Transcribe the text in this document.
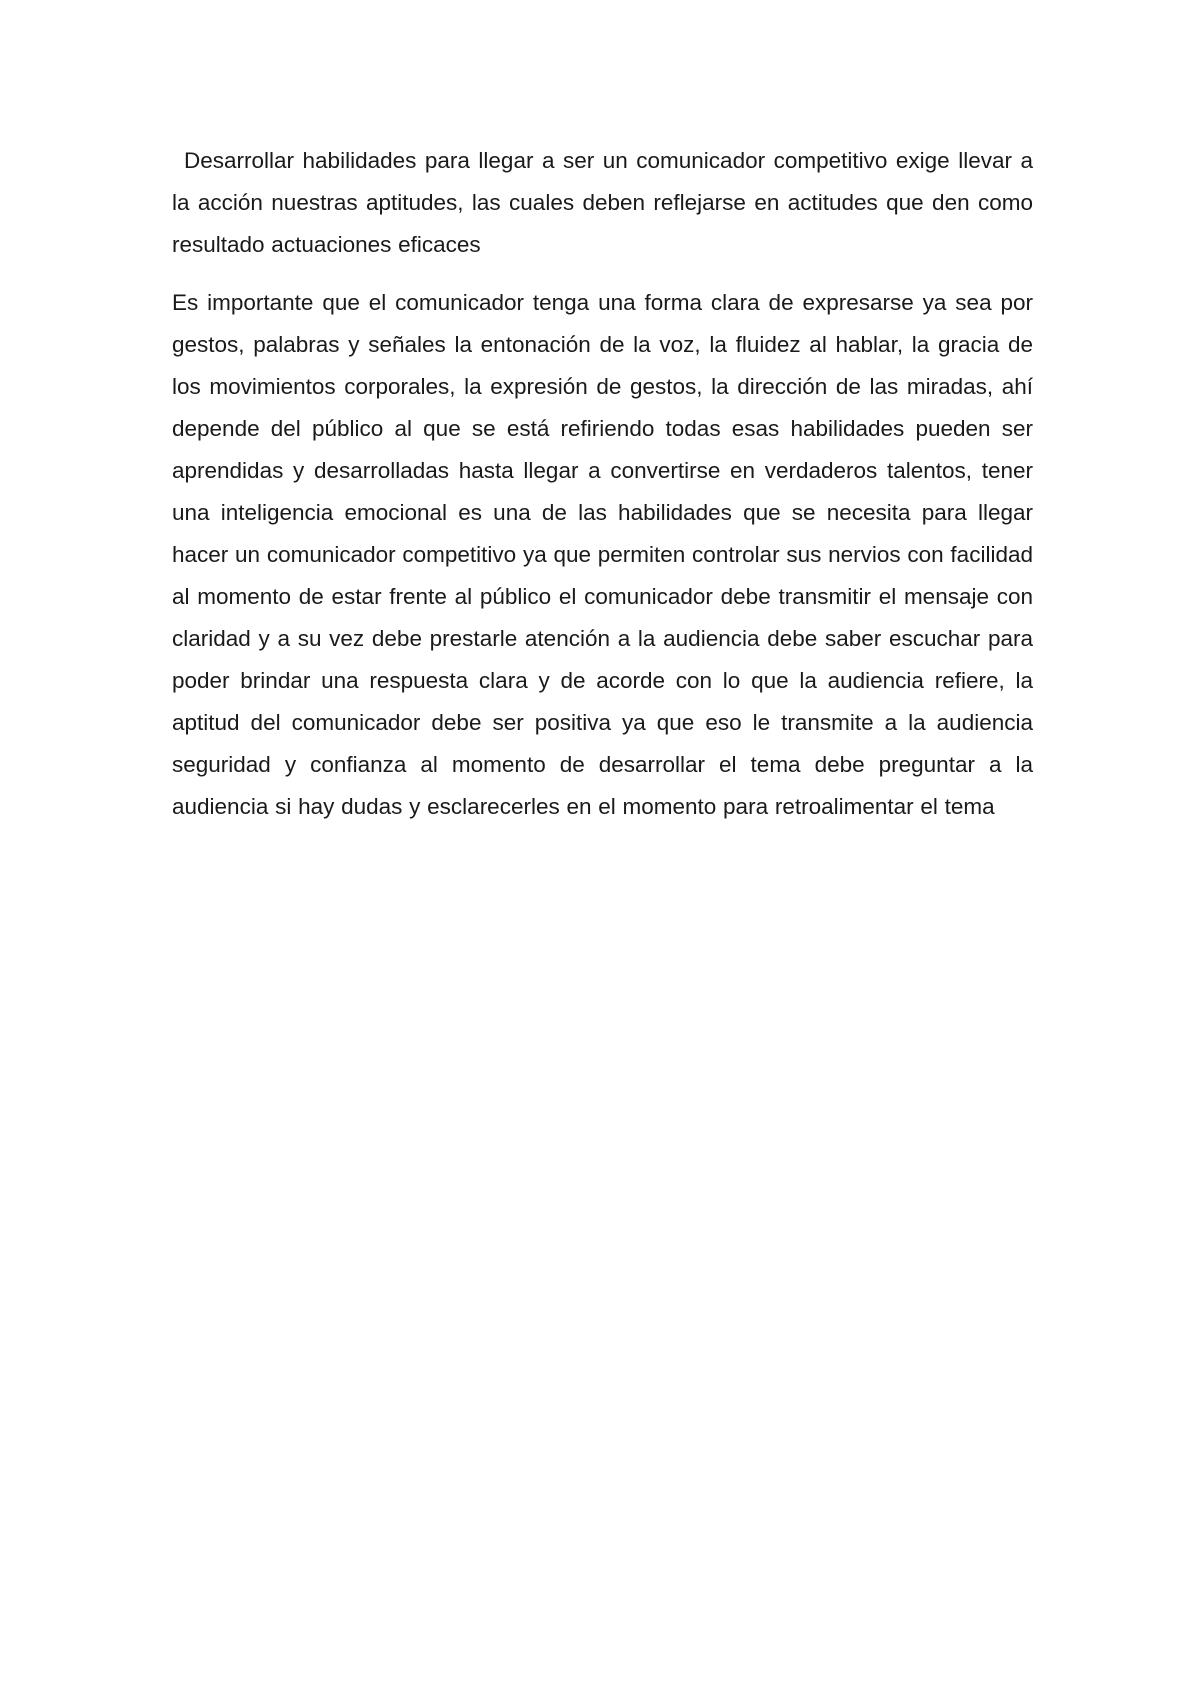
Desarrollar habilidades para llegar a ser un comunicador competitivo exige llevar a la acción nuestras aptitudes, las cuales deben reflejarse en actitudes que den como resultado actuaciones eficaces

Es importante que el comunicador tenga una forma clara de expresarse ya sea por gestos, palabras y señales la entonación de la voz, la fluidez al hablar, la gracia de los movimientos corporales, la expresión de gestos, la dirección de las miradas, ahí depende del público al que se está refiriendo todas esas habilidades pueden ser aprendidas y desarrolladas hasta llegar a convertirse en verdaderos talentos, tener una inteligencia emocional es una de las habilidades que se necesita para llegar hacer un comunicador competitivo ya que permiten controlar sus nervios con facilidad al momento de estar frente al público el comunicador debe transmitir el mensaje con claridad y a su vez debe prestarle atención a la audiencia debe saber escuchar para poder brindar una respuesta clara y de acorde con lo que la audiencia refiere, la aptitud del comunicador debe ser positiva ya que eso le transmite a la audiencia seguridad y confianza al momento de desarrollar el tema debe preguntar a la audiencia si hay dudas y esclarecerles en el momento para retroalimentar el tema
